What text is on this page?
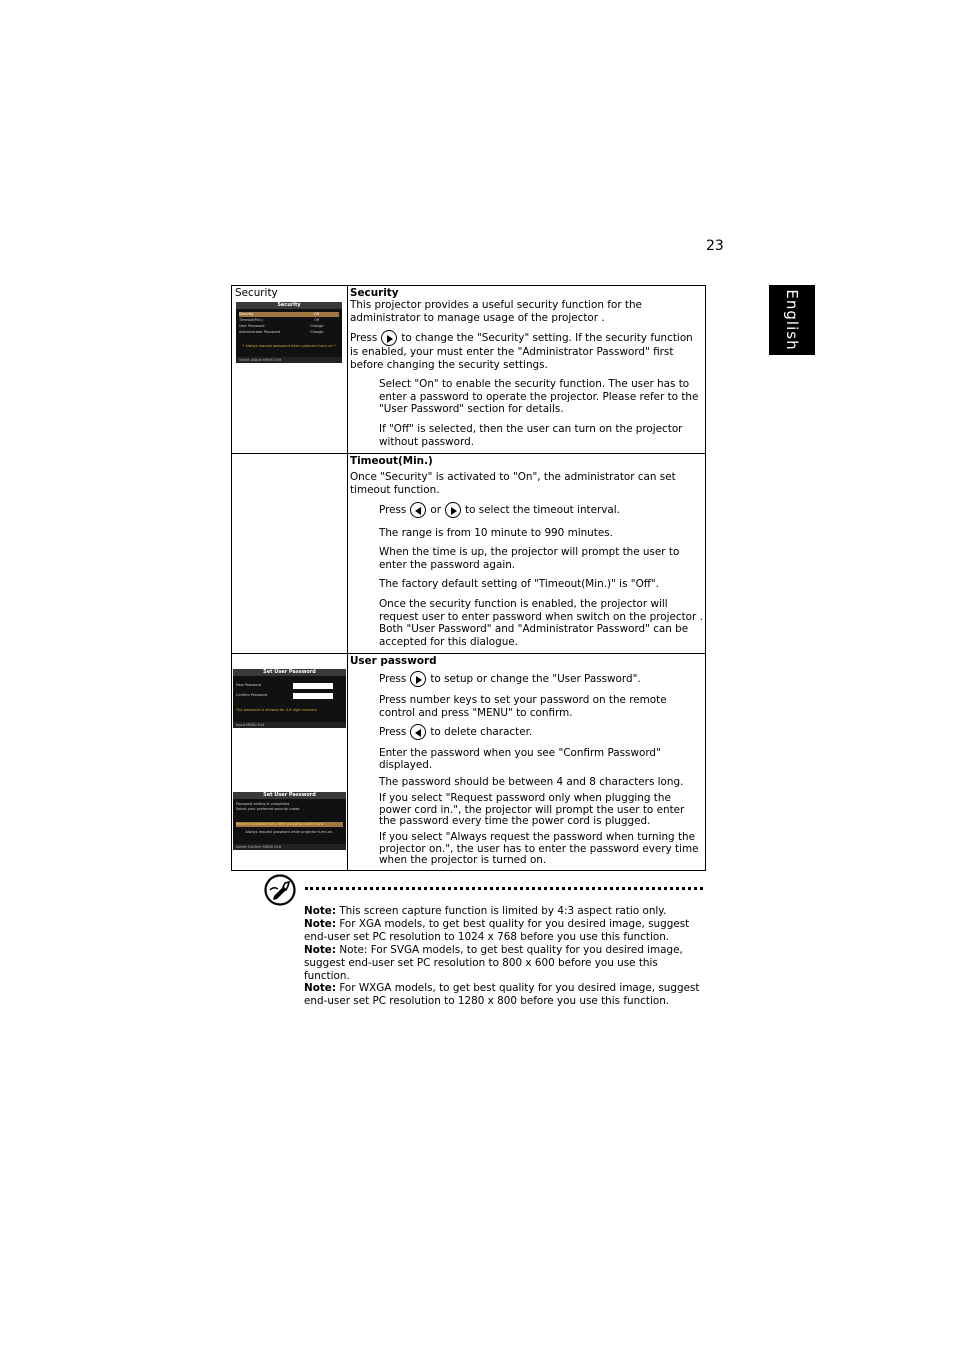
23
English
Security
Security
Security	Off
Timeout(Min.)	Off
User Password	Change
Administrator Password	Change
* Always request password when projector turns on *
Select Adjust MENU Exit
Security
This projector provides a useful security function for the administrator to manage usage of the projector .
Press to change the "Security" setting. If the security function is enabled, your must enter the "Administrator Password" first before changing the security settings.
Select "On" to enable the security function. The user has to enter a password to operate the projector. Please refer to the "User Password" section for details.
If "Off" is selected, then the user can turn on the projector without password.
Timeout(Min.)
Once "Security" is activated to "On", the administrator can set timeout function.
Press or to select the timeout interval.
The range is from 10 minute to 990 minutes.
When the time is up, the projector will prompt the user to enter the password again.
The factory default setting of "Timeout(Min.)" is "Off".
Once the security function is enabled, the projector will request user to enter password when switch on the projector . Both "User Password" and "Administrator Password" can be accepted for this dialogue.
Set User Password
New Password
Confirm Password
The password is allowed for 4-8 digit numbers
Input MENU Exit
Set User Password
Password setting is completed.
Select your preferred security mode.
Request password only after plugging power cord.
Always request password while projector turns on.
Select Confirm MENU Exit
User password
Press to setup or change the "User Password".
Press number keys to set your password on the remote control and press "MENU" to confirm.
Press to delete character.
Enter the password when you see "Confirm Password" displayed.
The password should be between 4 and 8 characters long.
If you select "Request password only when plugging the power cord in.", the projector will prompt the user to enter the password every time the power cord is plugged.
If you select "Always request the password when turning the projector on.", the user has to enter the password every time when the projector is turned on.

Note: This screen capture function is limited by 4:3 aspect ratio only.

Note: For XGA models, to get best quality for you desired image, suggest end-user set PC resolution to 1024 x 768 before you use this function.

Note: Note: For SVGA models, to get best quality for you desired image, suggest end-user set PC resolution to 800 x 600 before you use this function.

Note: For WXGA models, to get best quality for you desired image, suggest end-user set PC resolution to 1280 x 800 before you use this function.
